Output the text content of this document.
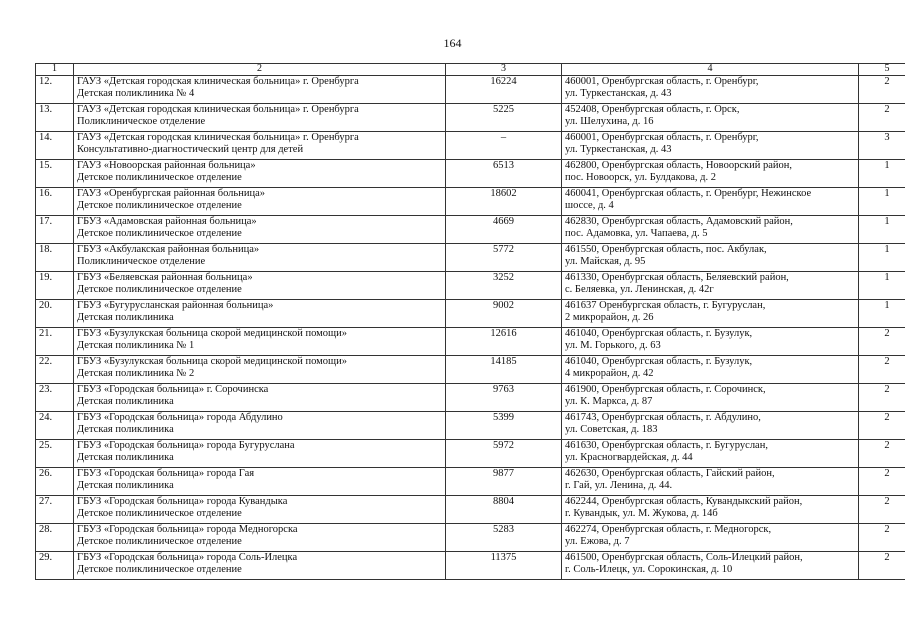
164
1	2	3	4	5

12.	ГАУЗ «Детская городская клиническая больница» г. Оренбурга
Детская поликлиника № 4	16224	460001, Оренбургская область, г. Оренбург,
ул. Туркестанская, д. 43	2

13.	ГАУЗ «Детская городская клиническая больница» г. Оренбурга
Поликлиническое отделение	5225	452408, Оренбургская область, г. Орск,
ул. Шелухина, д. 16	2

14.	ГАУЗ «Детская городская клиническая больница» г. Оренбурга
Консультативно-диагностический центр для детей	–	460001, Оренбургская область, г. Оренбург,
ул. Туркестанская, д. 43	3

15.	ГАУЗ «Новоорская районная больница»
Детское поликлиническое отделение	6513	462800, Оренбургская область, Новоорский район,
пос. Новоорск, ул. Булдакова, д. 2	1

16.	ГАУЗ «Оренбургская районная больница»
Детское поликлиническое отделение	18602	460041, Оренбургская область, г. Оренбург, Нежинское
шоссе, д. 4	1

17.	ГБУЗ «Адамовская районная больница»
Детское поликлиническое отделение	4669	462830, Оренбургская область, Адамовский район,
пос. Адамовка, ул. Чапаева, д. 5	1

18.	ГБУЗ «Акбулакская районная больница»
Поликлиническое отделение	5772	461550, Оренбургская область, пос. Акбулак,
ул. Майская, д. 95	1

19.	ГБУЗ «Беляевская районная больница»
Детское поликлиническое отделение	3252	461330, Оренбургская область, Беляевский район,
с. Беляевка, ул. Ленинская, д. 42г	1

20.	ГБУЗ «Бугурусланская районная больница»
Детская поликлиника	9002	461637 Оренбургская область, г. Бугуруслан,
2 микрорайон, д. 26	1

21.	ГБУЗ «Бузулукская больница скорой медицинской помощи»
Детская поликлиника № 1	12616	461040, Оренбургская область, г. Бузулук,
ул. М. Горького, д. 63	2

22.	ГБУЗ «Бузулукская больница скорой медицинской помощи»
Детская поликлиника № 2	14185	461040, Оренбургская область, г. Бузулук,
4 микрорайон, д. 42	2

23.	ГБУЗ «Городская больница» г. Сорочинска
Детская поликлиника	9763	461900, Оренбургская область, г. Сорочинск,
ул. К. Маркса, д. 87	2

24.	ГБУЗ «Городская больница» города Абдулино
Детская поликлиника	5399	461743, Оренбургская область, г. Абдулино,
ул. Советская, д. 183	2

25.	ГБУЗ «Городская больница» города Бугуруслана
Детская поликлиника	5972	461630, Оренбургская область, г. Бугуруслан,
ул. Красногвардейская, д. 44	2

26.	ГБУЗ «Городская больница» города Гая
Детская поликлиника	9877	462630, Оренбургская область, Гайский район,
г. Гай, ул. Ленина, д. 44.	2

27.	ГБУЗ «Городская больница» города Кувандыка
Детское поликлиническое отделение	8804	462244, Оренбургская область, Кувандыкский район,
г. Кувандык, ул. М. Жукова, д. 14б	2

28.	ГБУЗ «Городская больница» города Медногорска
Детское поликлиническое отделение	5283	462274, Оренбургская область, г. Медногорск,
ул. Ежова, д. 7	2

29.	ГБУЗ «Городская больница» города Соль-Илецка
Детское поликлиническое отделение	11375	461500, Оренбургская область, Соль-Илецкий район,
г. Соль-Илецк, ул. Сорокинская, д. 10	2
